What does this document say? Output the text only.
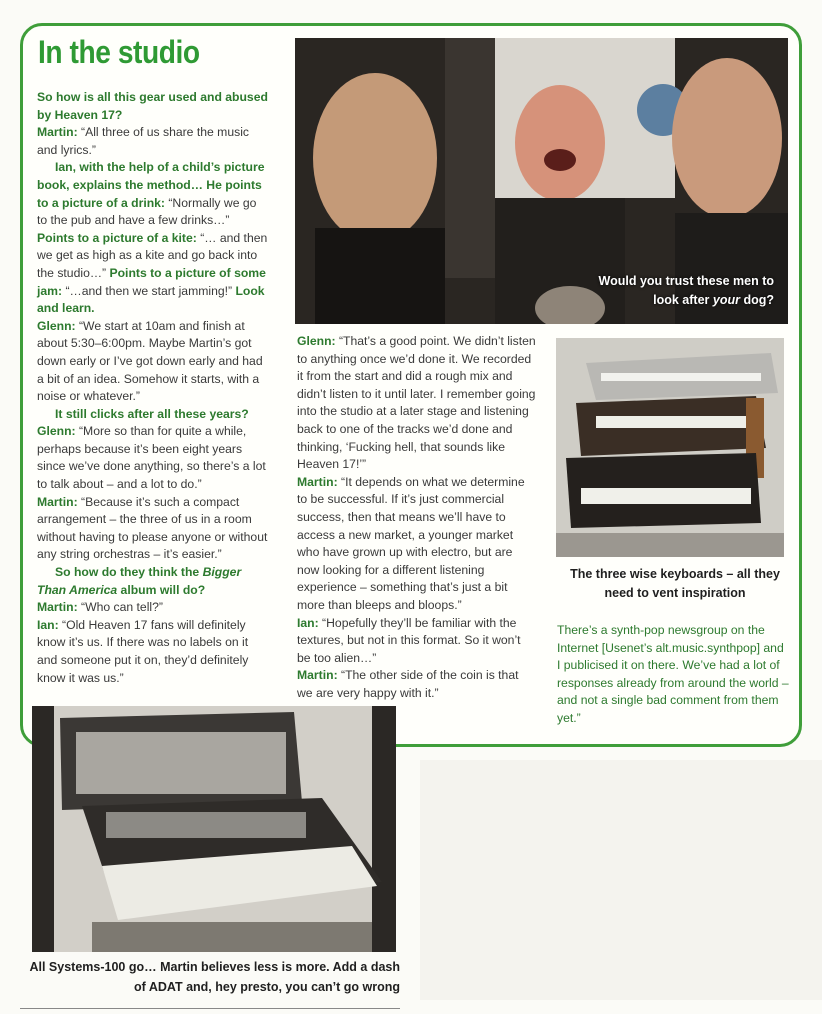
In the studio

So how is all this gear used and abused by Heaven 17?

Martin: “All three of us share the music and lyrics.”

Ian, with the help of a child’s picture book, explains the method… He points to a picture of a drink: “Normally we go to the pub and have a few drinks…” Points to a picture of a kite: “… and then we get as high as a kite and go back into the studio…” Points to a picture of some jam: “…and then we start jamming!” Look and learn.

Glenn: “We start at 10am and finish at about 5:30–6:00pm. Maybe Martin’s got down early or I’ve got down early and had a bit of an idea. Somehow it starts, with a noise or whatever.”

It still clicks after all these years?

Glenn: “More so than for quite a while, perhaps because it’s been eight years since we’ve done anything, so there’s a lot to talk about – and a lot to do.”

Martin: “Because it’s such a compact arrangement – the three of us in a room without having to please anyone or without any string orchestras – it’s easier.”

So how do they think the Bigger Than America album will do?

Martin: “Who can tell?”

Ian: “Old Heaven 17 fans will definitely know it’s us. If there was no labels on it and someone put it on, they’d definitely know it was us.”

Would you trust these men to
look after your dog?

Glenn: “That’s a good point. We didn’t listen to anything once we’d done it. We recorded it from the start and did a rough mix and didn’t listen to it until later. I remember going into the studio at a later stage and listening back to one of the tracks we’d done and thinking, ‘Fucking hell, that sounds like Heaven 17!’”

Martin: “It depends on what we determine to be successful. If it’s just commercial success, then that means we’ll have to access a new market, a younger market who have grown up with electro, but are now looking for a different listening experience – something that’s just a bit more than bleeps and bloops.”

Ian: “Hopefully they’ll be familiar with the textures, but not in this format. So it won’t be too alien…”

Martin: “The other side of the coin is that we are very happy with it.”

The three wise keyboards – all they need to vent inspiration
There’s a synth-pop newsgroup on the Internet [Usenet’s alt.music.synthpop] and I publicised it on there. We’ve had a lot of responses already from around the world – and not a single bad comment from them yet.”
All Systems-100 go… Martin believes less is more. Add a dash of ADAT and, hey presto, you can’t go wrong
